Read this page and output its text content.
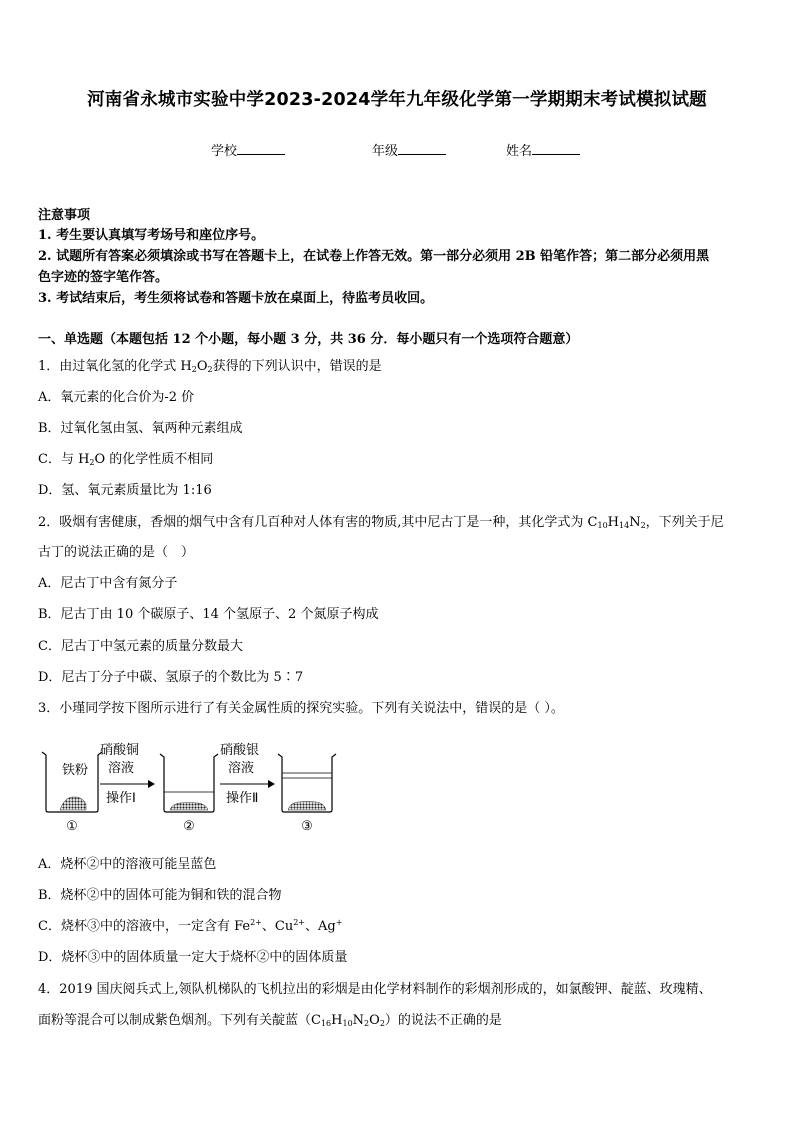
河南省永城市实验中学2023-2024学年九年级化学第一学期期末考试模拟试题
学校	年级	姓名
注意事项
1. 考生要认真填写考场号和座位序号。
2. 试题所有答案必须填涂或书写在答题卡上，在试卷上作答无效。第一部分必须用 2B 铅笔作答；第二部分必须用黑
色字迹的签字笔作答。
3. 考试结束后，考生须将试卷和答题卡放在桌面上，待监考员收回。
一、单选题（本题包括 12 个小题，每小题 3 分，共 36 分．每小题只有一个选项符合题意）
1．由过氧化氢的化学式 $H_2O_2$获得的下列认识中，错误的是
A．氧元素的化合价为-2 价
B．过氧化氢由氢、氧两种元素组成
C．与 $H_2O$ 的化学性质不相同
D．氢、氧元素质量比为 1:16
2．吸烟有害健康，香烟的烟气中含有几百种对人体有害的物质,其中尼古丁是一种，其化学式为 $C_{10}H_{14}N_2$，下列关于尼
古丁的说法正确的是（　）
A．尼古丁中含有氮分子
B．尼古丁由 10 个碳原子、14 个氢原子、2 个氮原子构成
C．尼古丁中氢元素的质量分数最大
D．尼古丁分子中碳、氢原子的个数比为 5∶7
3．小瑾同学按下图所示进行了有关金属性质的探究实验。下列有关说法中，错误的是（ ）。
铁粉
硝酸铜
溶液
操作Ⅰ
硝酸银
溶液
操作Ⅱ
①	②	③
A．烧杯②中的溶液可能呈蓝色
B．烧杯②中的固体可能为铜和铁的混合物
C．烧杯③中的溶液中，一定含有 $Fe^{2+}$、$Cu^{2+}$、Ag+
D．烧杯③中的固体质量一定大于烧杯②中的固体质量
4．2019 国庆阅兵式上,领队机梯队的飞机拉出的彩烟是由化学材料制作的彩烟剂形成的，如氯酸钾、靛蓝、玫瑰精、
面粉等混合可以制成紫色烟剂。下列有关靛蓝$(C_{16}H_{10}N_2O_2)$的说法不正确的是
